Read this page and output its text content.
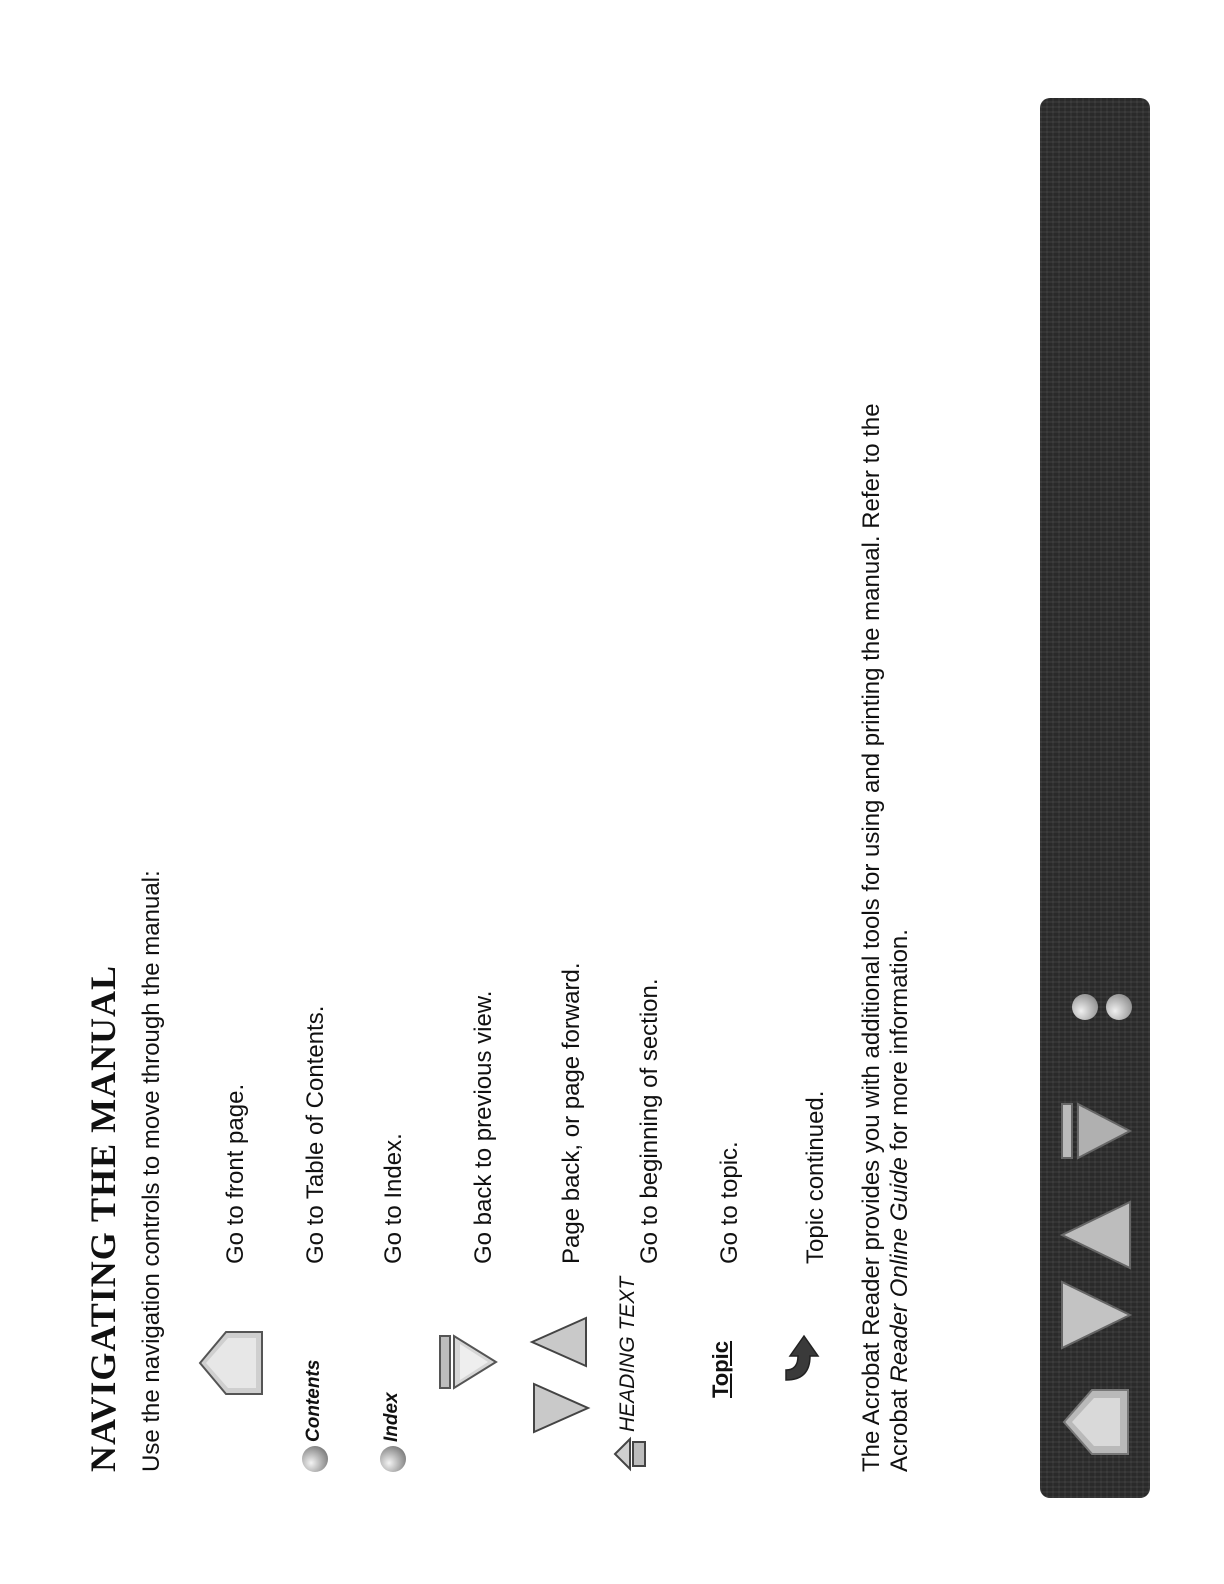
NAVIGATING THE MANUAL Use the navigation controls to move through the manual: Go to front page.
Contents
Go to Table of Contents.
Index
Go to Index.	Go back to previous view.	Page back, or page forward.
HEADING TEXT
Go to beginning of section.
Topic
Go to topic. Topic continued. The Acrobat Reader provides you with additional tools for using and printing the manual. Refer to the Acrobat Reader Online Guide for more information.
